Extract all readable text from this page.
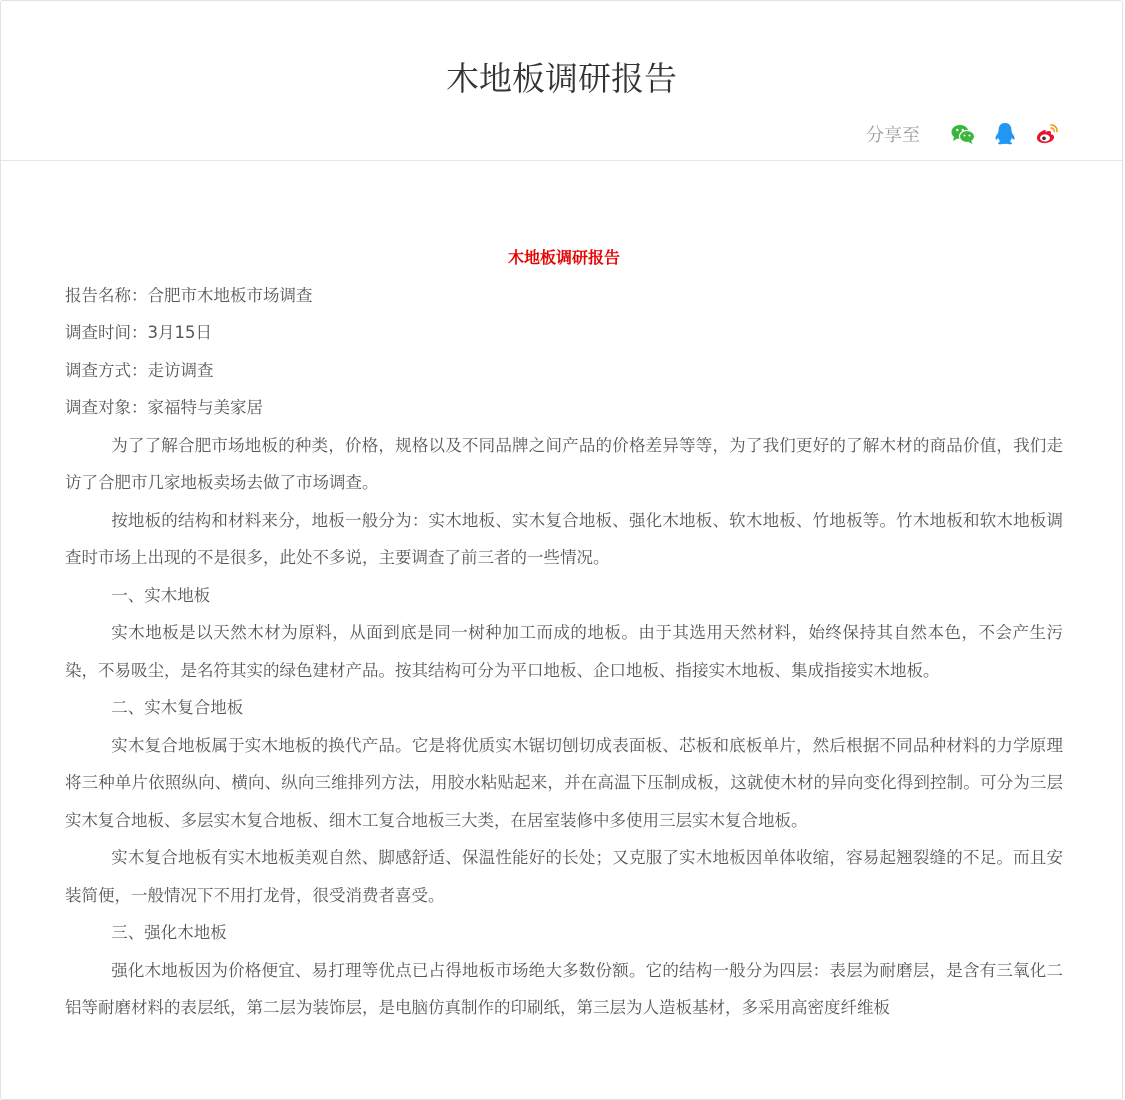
木地板调研报告
分享至
木地板调研报告

报告名称：合肥市木地板市场调查

调查时间：3月15日

调查方式：走访调查

调查对象：家福特与美家居

为了了解合肥市场地板的种类，价格，规格以及不同品牌之间产品的价格差异等等，为了我们更好的了解木材的商品价值，我们走访了合肥市几家地板卖场去做了市场调查。

按地板的结构和材料来分，地板一般分为：实木地板、实木复合地板、强化木地板、软木地板、竹地板等。竹木地板和软木地板调查时市场上出现的不是很多，此处不多说，主要调查了前三者的一些情况。

一、实木地板

实木地板是以天然木材为原料，从面到底是同一树种加工而成的地板。由于其选用天然材料，始终保持其自然本色，不会产生污染，不易吸尘，是名符其实的绿色建材产品。按其结构可分为平口地板、企口地板、指接实木地板、集成指接实木地板。

二、实木复合地板

实木复合地板属于实木地板的换代产品。它是将优质实木锯切刨切成表面板、芯板和底板单片，然后根据不同品种材料的力学原理将三种单片依照纵向、横向、纵向三维排列方法，用胶水粘贴起来，并在高温下压制成板，这就使木材的异向变化得到控制。可分为三层实木复合地板、多层实木复合地板、细木工复合地板三大类，在居室装修中多使用三层实木复合地板。

实木复合地板有实木地板美观自然、脚感舒适、保温性能好的长处；又克服了实木地板因单体收缩，容易起翘裂缝的不足。而且安装简便，一般情况下不用打龙骨，很受消费者喜受。

三、强化木地板

强化木地板因为价格便宜、易打理等优点已占得地板市场绝大多数份额。它的结构一般分为四层：表层为耐磨层，是含有三氧化二铝等耐磨材料的表层纸，第二层为装饰层，是电脑仿真制作的印刷纸，第三层为人造板基材，多采用高密度纤维板
